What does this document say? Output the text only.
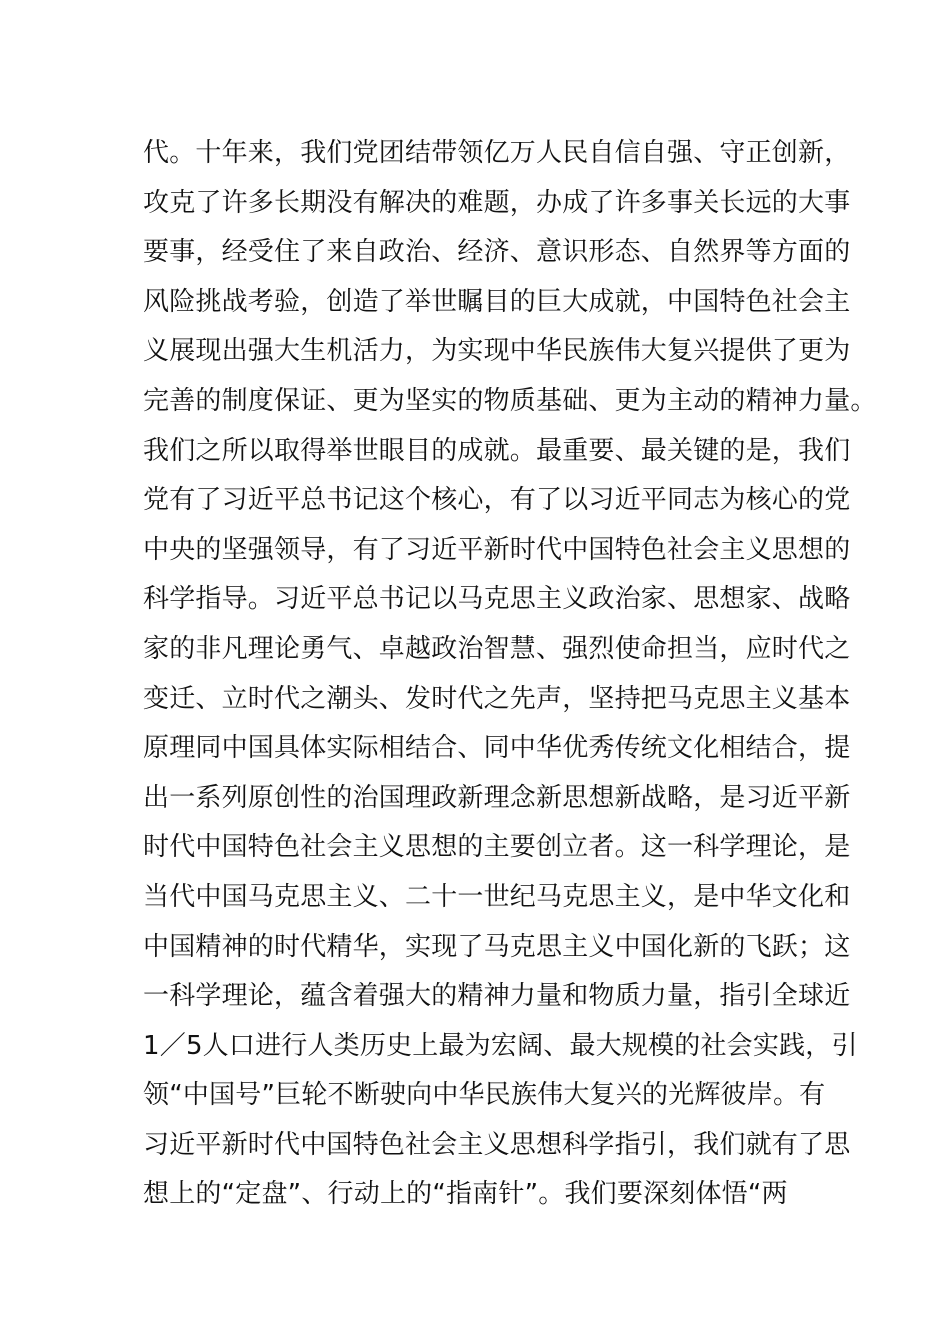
代。十年来，我们党团结带领亿万人民自信自强、守正创新，
攻克了许多长期没有解决的难题，办成了许多事关长远的大事
要事，经受住了来自政治、经济、意识形态、自然界等方面的
风险挑战考验，创造了举世瞩目的巨大成就，中国特色社会主
义展现出强大生机活力，为实现中华民族伟大复兴提供了更为
完善的制度保证、更为坚实的物质基础、更为主动的精神力量。
我们之所以取得举世眼目的成就。最重要、最关键的是，我们
党有了习近平总书记这个核心，有了以习近平同志为核心的党
中央的坚强领导，有了习近平新时代中国特色社会主义思想的
科学指导。习近平总书记以马克思主义政治家、思想家、战略
家的非凡理论勇气、卓越政治智慧、强烈使命担当，应时代之
变迁、立时代之潮头、发时代之先声，坚持把马克思主义基本
原理同中国具体实际相结合、同中华优秀传统文化相结合，提
出一系列原创性的治国理政新理念新思想新战略，是习近平新
时代中国特色社会主义思想的主要创立者。这一科学理论，是
当代中国马克思主义、二十一世纪马克思主义，是中华文化和
中国精神的时代精华，实现了马克思主义中国化新的飞跃；这
一科学理论，蕴含着强大的精神力量和物质力量，指引全球近
1／5人口进行人类历史上最为宏阔、最大规模的社会实践，引
领“中国号”巨轮不断驶向中华民族伟大复兴的光辉彼岸。有
习近平新时代中国特色社会主义思想科学指引，我们就有了思
想上的“定盘”、行动上的“指南针”。我们要深刻体悟“两
